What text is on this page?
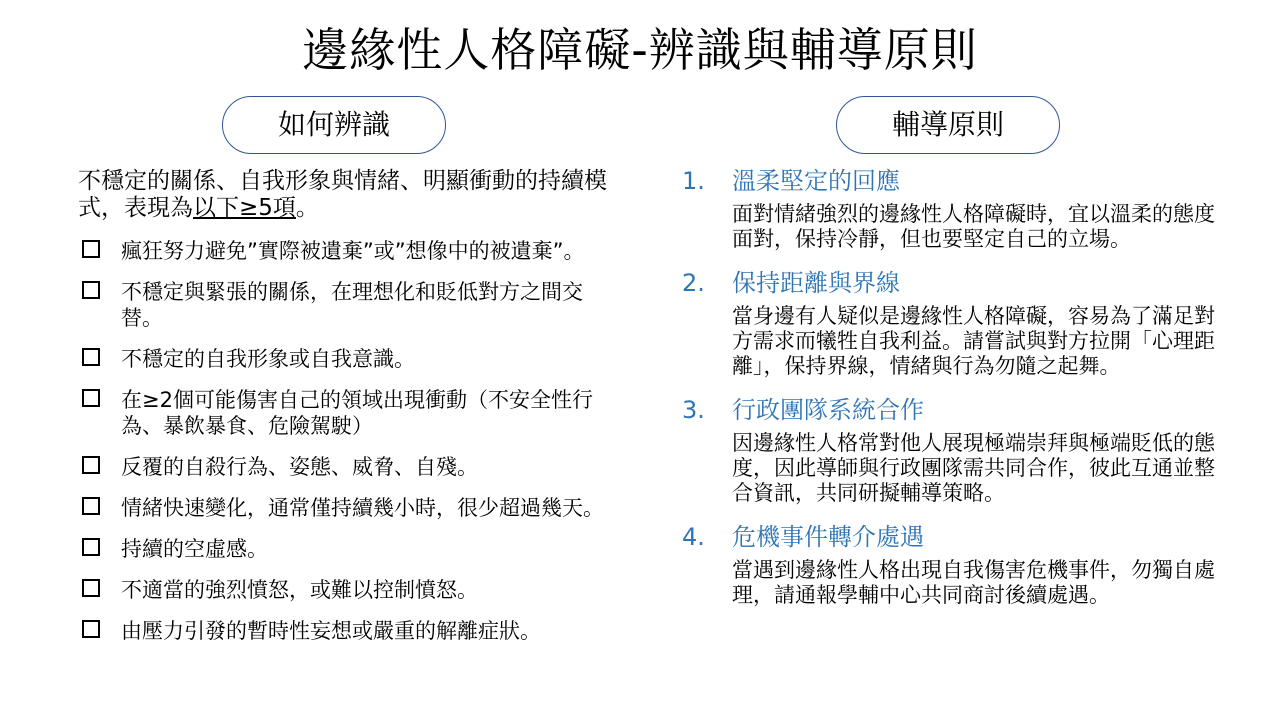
邊緣性人格障礙-辨識與輔導原則
如何辨識	輔導原則
不穩定的關係、自我形象與情緒、明顯衝動的持續模式，表現為以下≥5項。
瘋狂努力避免”實際被遺棄”或”想像中的被遺棄”。
不穩定與緊張的關係，在理想化和貶低對方之間交替。
不穩定的自我形象或自我意識。
在≥2個可能傷害自己的領域出現衝動（不安全性行為、暴飲暴食、危險駕駛）
反覆的自殺行為、姿態、威脅、自殘。
情緒快速變化，通常僅持續幾小時，很少超過幾天。
持續的空虛感。
不適當的強烈憤怒，或難以控制憤怒。
由壓力引發的暫時性妄想或嚴重的解離症狀。
1. 溫柔堅定的回應
面對情緒強烈的邊緣性人格障礙時，宜以溫柔的態度面對，保持冷靜，但也要堅定自己的立場。
2. 保持距離與界線
當身邊有人疑似是邊緣性人格障礙，容易為了滿足對方需求而犧牲自我利益。請嘗試與對方拉開「心理距離」，保持界線，情緒與行為勿隨之起舞。
3. 行政團隊系統合作
因邊緣性人格常對他人展現極端崇拜與極端貶低的態度，因此導師與行政團隊需共同合作，彼此互通並整合資訊，共同研擬輔導策略。
4. 危機事件轉介處遇
當遇到邊緣性人格出現自我傷害危機事件，勿獨自處理，請通報學輔中心共同商討後續處遇。
